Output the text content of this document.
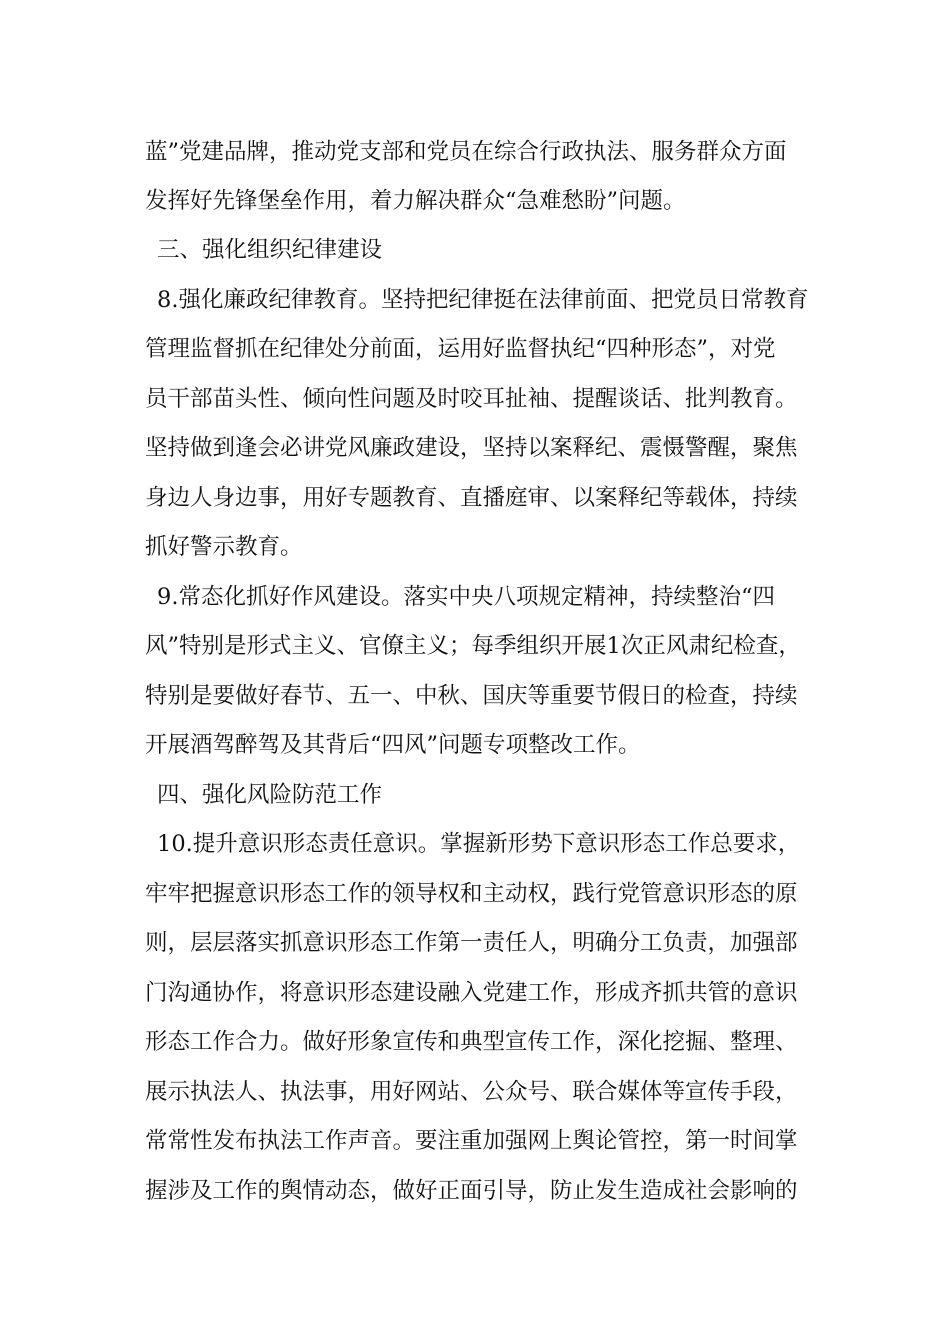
蓝”党建品牌，推动党支部和党员在综合行政执法、服务群众方面
发挥好先锋堡垒作用，着力解决群众“急难愁盼”问题。
三、强化组织纪律建设
8.强化廉政纪律教育。坚持把纪律挺在法律前面、把党员日常教育
管理监督抓在纪律处分前面，运用好监督执纪“四种形态”，对党
员干部苗头性、倾向性问题及时咬耳扯袖、提醒谈话、批判教育。
坚持做到逢会必讲党风廉政建设，坚持以案释纪、震慑警醒，聚焦
身边人身边事，用好专题教育、直播庭审、以案释纪等载体，持续
抓好警示教育。
9.常态化抓好作风建设。落实中央八项规定精神，持续整治“四
风”特别是形式主义、官僚主义；每季组织开展1次正风肃纪检查，
特别是要做好春节、五一、中秋、国庆等重要节假日的检查，持续
开展酒驾醉驾及其背后“四风”问题专项整改工作。
四、强化风险防范工作
10.提升意识形态责任意识。掌握新形势下意识形态工作总要求，
牢牢把握意识形态工作的领导权和主动权，践行党管意识形态的原
则，层层落实抓意识形态工作第一责任人，明确分工负责，加强部
门沟通协作，将意识形态建设融入党建工作，形成齐抓共管的意识
形态工作合力。做好形象宣传和典型宣传工作，深化挖掘、整理、
展示执法人、执法事，用好网站、公众号、联合媒体等宣传手段，
常常性发布执法工作声音。要注重加强网上舆论管控，第一时间掌
握涉及工作的舆情动态，做好正面引导，防止发生造成社会影响的
